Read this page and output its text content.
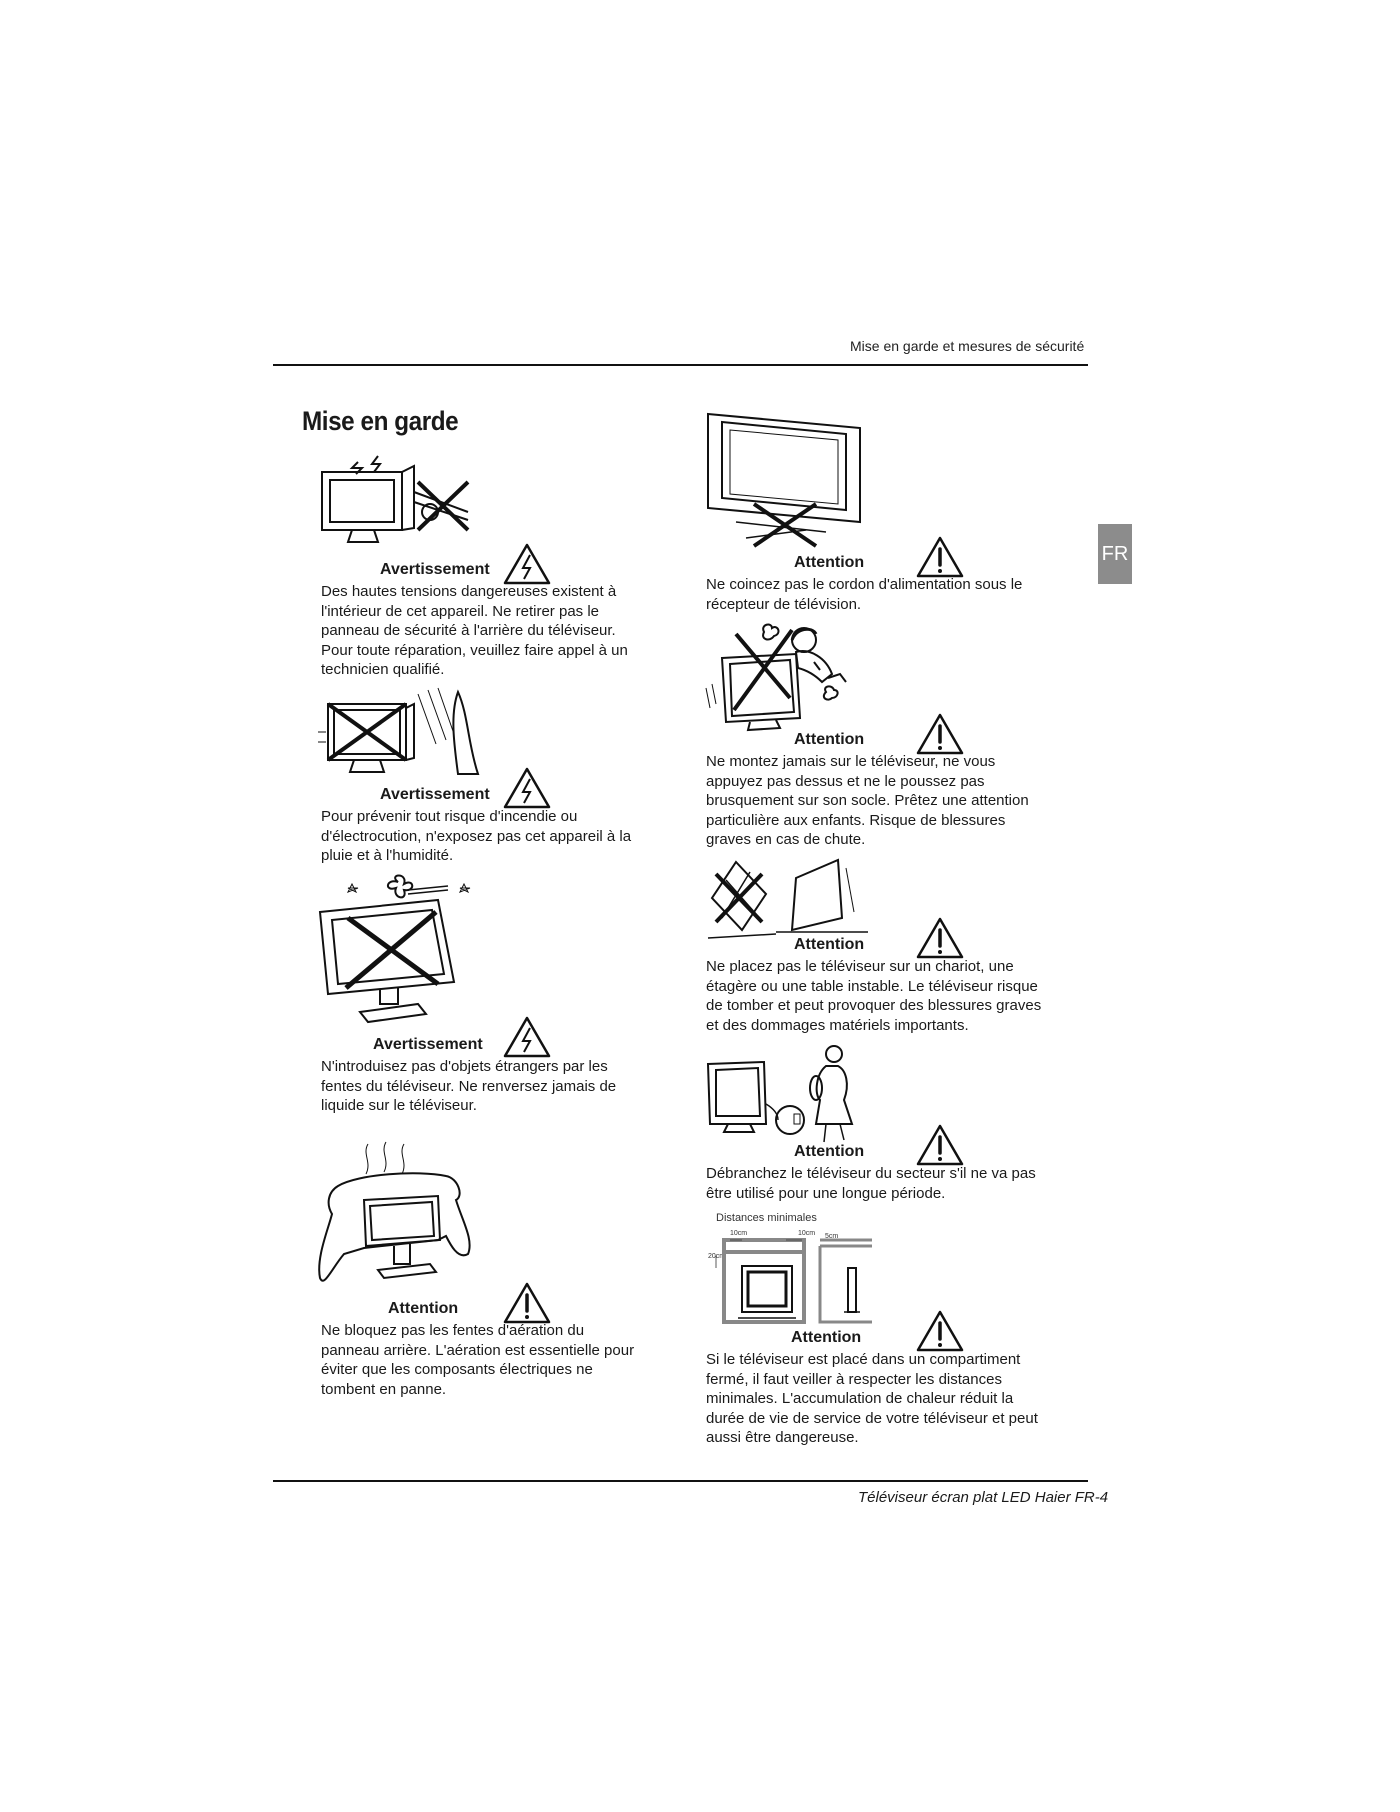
Mise en garde et mesures de sécurité
Mise en garde
FR
Avertissement
Des hautes tensions dangereuses existent à l'intérieur de cet appareil. Ne retirer pas le panneau de sécurité à l'arrière du téléviseur. Pour toute réparation, veuillez faire appel à un technicien qualifié.
Avertissement
Pour prévenir tout risque d'incendie ou d'électrocution, n'exposez pas cet appareil à la pluie et à l'humidité.
Avertissement
N'introduisez pas d'objets étrangers par les fentes du téléviseur. Ne renversez jamais de liquide sur le téléviseur.
Attention
Ne bloquez pas les fentes d'aération du panneau arrière. L'aération est essentielle pour éviter que les composants électriques ne tombent en panne.
Attention
Ne coincez pas le cordon d'alimentation sous le récepteur de télévision.
Attention
Ne montez jamais sur le téléviseur, ne vous appuyez pas dessus et ne le poussez pas brusquement sur son socle. Prêtez une attention particulière aux enfants. Risque de blessures graves en cas de chute.
Attention
Ne placez pas le téléviseur sur un chariot, une étagère ou une table instable. Le téléviseur risque de tomber et peut provoquer des blessures graves et des dommages matériels importants.
Attention
Débranchez le téléviseur du secteur s'il ne va pas être utilisé pour une longue période.
Distances minimales
10cm	10cm 5cm
20cm
Attention
Si le téléviseur est placé dans un compartiment fermé, il faut veiller à respecter les distances minimales. L'accumulation de chaleur réduit la durée de vie de service de votre téléviseur et peut aussi être dangereuse.
Téléviseur écran plat LED Haier FR-4
